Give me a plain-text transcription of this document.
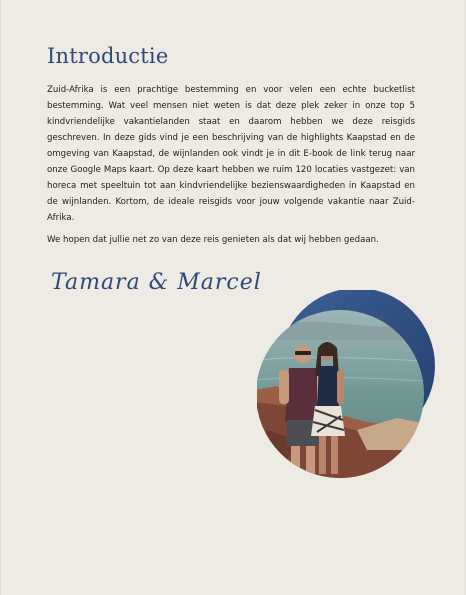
Introductie

Zuid-Afrika is een prachtige bestemming en voor velen een echte bucketlist bestemming. Wat veel mensen niet weten is dat deze plek zeker in onze top 5 kindvriendelijke vakantielanden staat en daarom hebben we deze reisgids geschreven. In deze gids vind je een beschrijving van de highlights Kaapstad en de omgeving van Kaapstad, de wijnlanden ook vindt je in dit E-book de link terug naar onze Google Maps kaart. Op deze kaart hebben we ruim 120 locaties vastgezet: van horeca met speeltuin tot aan kindvriendelijke bezienswaardigheden in Kaapstad en de wijnlanden. Kortom, de ideale reisgids voor jouw volgende vakantie naar Zuid-Afrika.

We hopen dat jullie net zo van deze reis genieten als dat wij hebben gedaan.

Tamara & Marcel
